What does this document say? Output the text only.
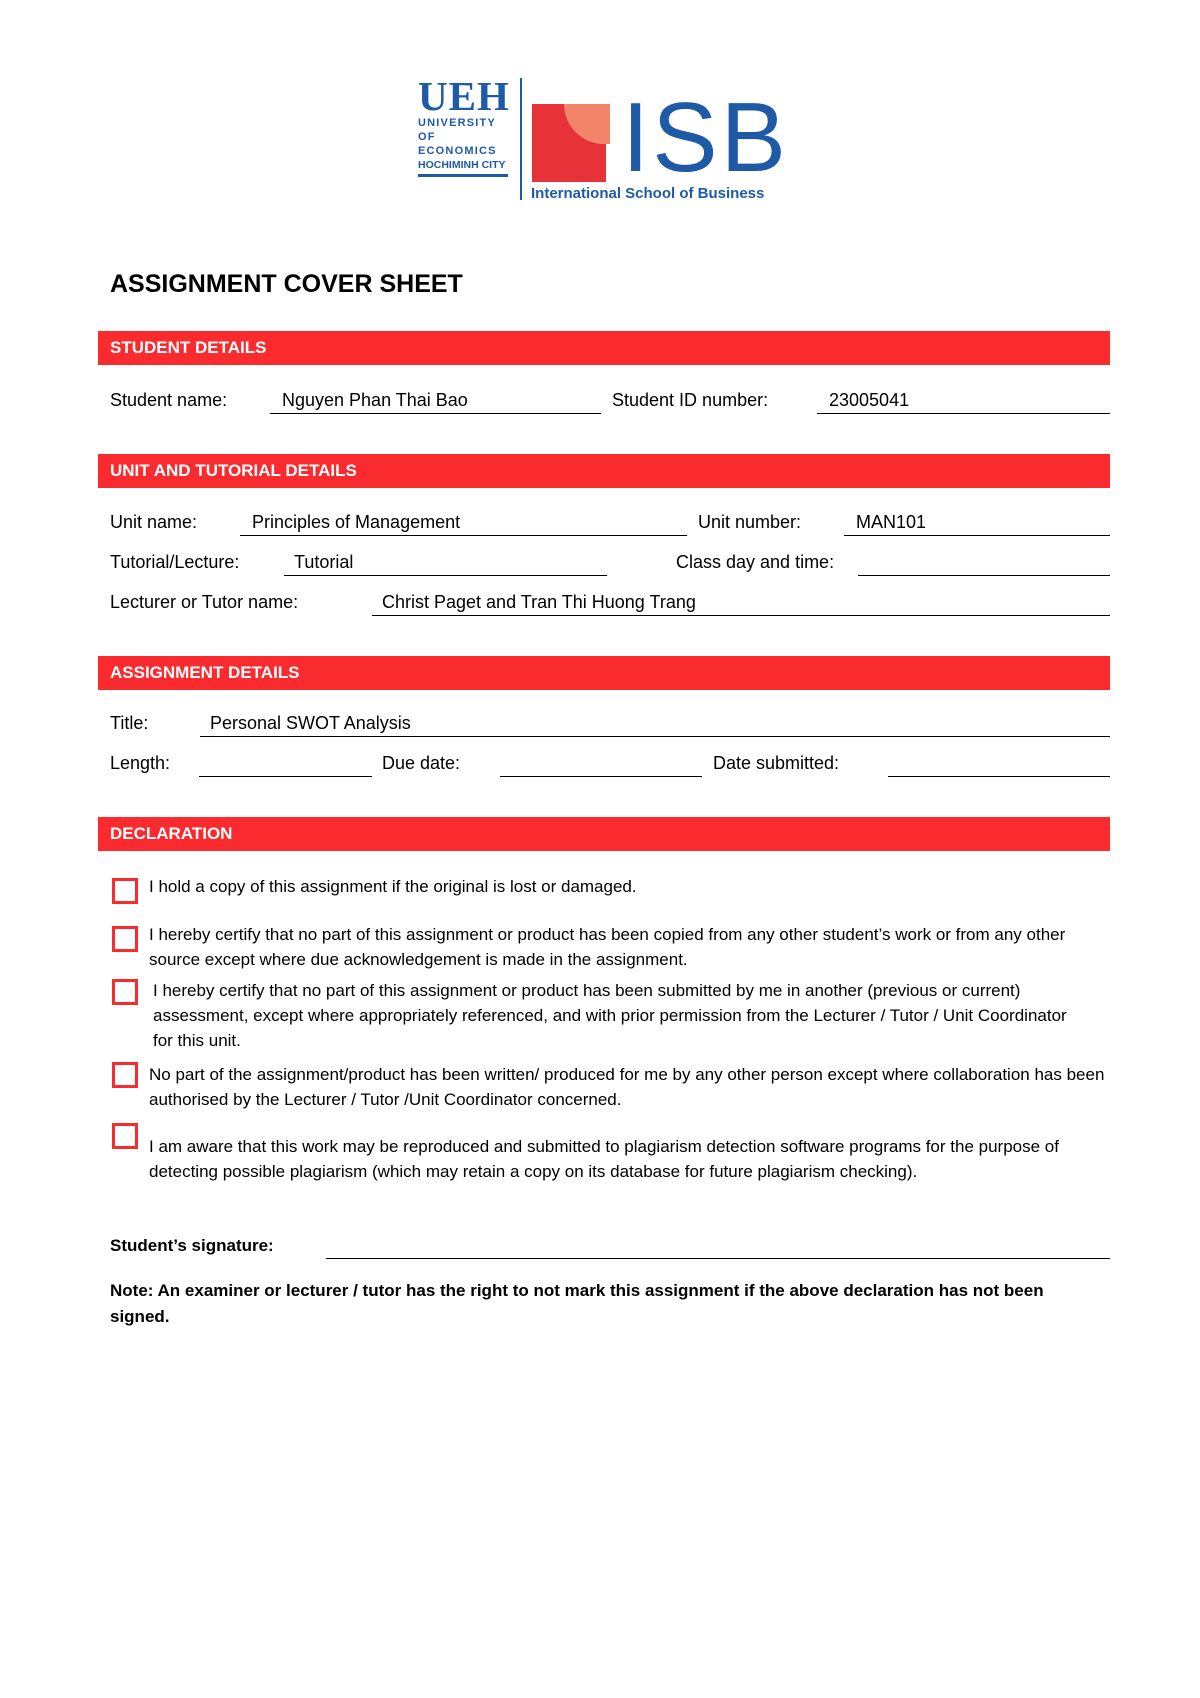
UEH
UNIVERSITY OF
ECONOMICS
HOCHIMINH CITY ISB
International School of Business
ASSIGNMENT COVER SHEET
STUDENT DETAILS
Student name:	Nguyen Phan Thai Bao	Student ID number:	23005041
UNIT AND TUTORIAL DETAILS
Unit name:	Principles of Management	Unit number:	MAN101
Tutorial/Lecture:	Tutorial	Class day and time:
Lecturer or Tutor name:	Christ Paget and Tran Thi Huong Trang
ASSIGNMENT DETAILS
Title:	Personal SWOT Analysis
Length:	Due date:	Date submitted:
DECLARATION
I hold a copy of this assignment if the original is lost or damaged.
I hereby certify that no part of this assignment or product has been copied from any other student’s work or from any other source except where due acknowledgement is made in the assignment.
I hereby certify that no part of this assignment or product has been submitted by me in another (previous or current) assessment, except where appropriately referenced, and with prior permission from the Lecturer / Tutor / Unit Coordinator for this unit.
No part of the assignment/product has been written/ produced for me by any other person except where collaboration has been authorised by the Lecturer / Tutor /Unit Coordinator concerned.
I am aware that this work may be reproduced and submitted to plagiarism detection software programs for the purpose of detecting possible plagiarism (which may retain a copy on its database for future plagiarism checking).
Student’s signature:
Note: An examiner or lecturer / tutor has the right to not mark this assignment if the above declaration has not been signed.
